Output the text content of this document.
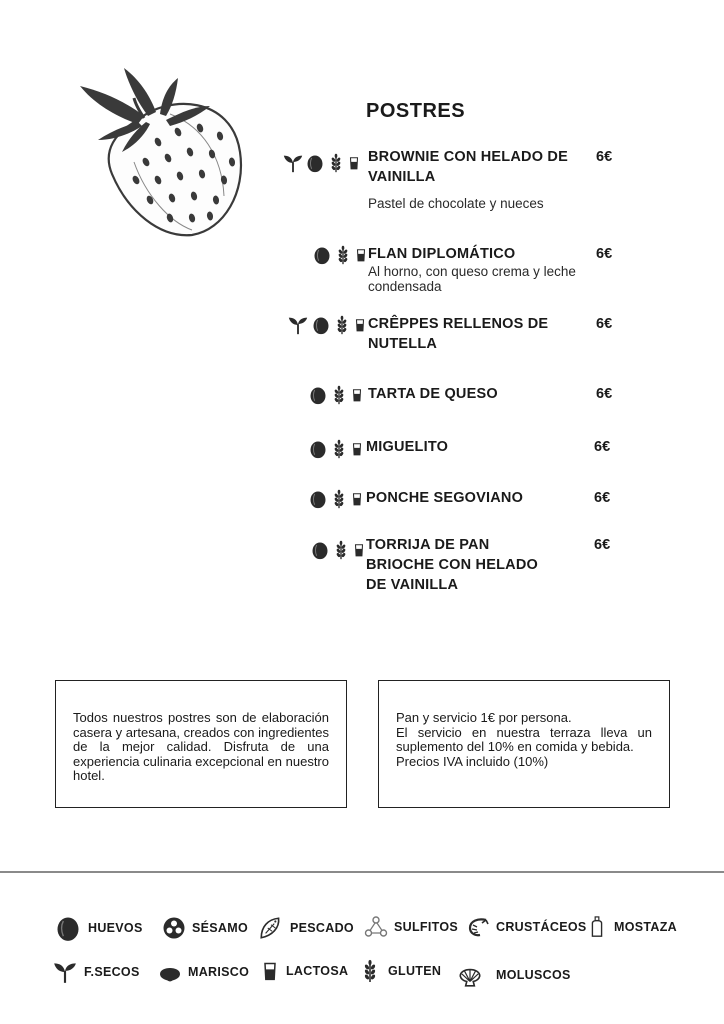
POSTRES
BROWNIE CON HELADO DE VAINILLA
6€
Pastel de chocolate y nueces
FLAN DIPLOMÁTICO	6€
Al horno, con queso crema y leche condensada
CRÊPPES RELLENOS DE NUTELLA
6€
TARTA DE QUESO	6€
MIGUELITO	6€
PONCHE SEGOVIANO	6€
TORRIJA DE PAN BRIOCHE CON HELADO DE VAINILLA
6€

Todos nuestros postres son de elaboración casera y artesana, creados con ingredientes de la mejor calidad. Disfruta de una experiencia culinaria excepcional en nuestro hotel.

Pan y servicio 1€ por persona.

El servicio en nuestra terraza lleva un suplemento del 10% en comida y bebida.

Precios IVA incluido (10%)

HUEVOS	SÉSAMO	PESCADO	SULFITOS	CRUSTÁCEOS MOSTAZA
F.SECOS	MARISCO	LACTOSA	GLUTEN	MOLUSCOS
